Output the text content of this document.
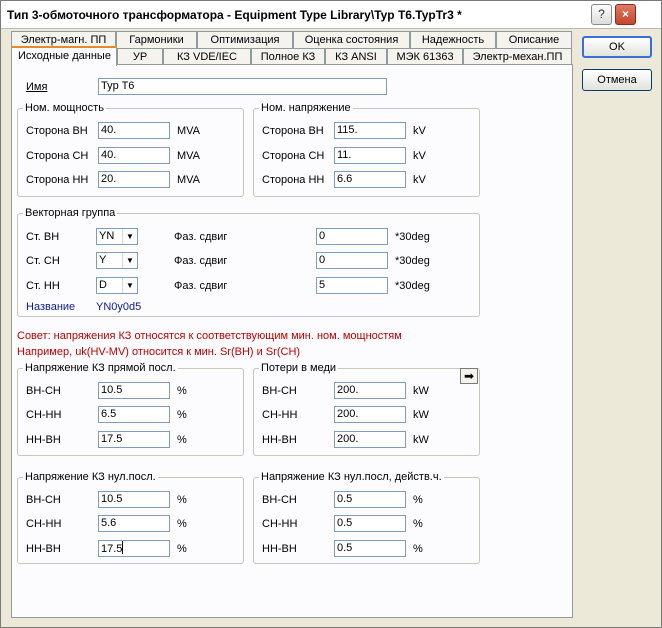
Тип 3-обмоточного трансформатора - Equipment Type Library\Typ T6.TypTr3 *	?	×
Электр-магн. ПП	Гармоники	Оптимизация	Оценка состояния	Надежность	Описание
Исходные данные	УР	КЗ VDE/IEC	Полное КЗ	КЗ ANSI	МЭК 61363	Электр-механ.ПП
OK
Отмена
Имя	Typ T6
Ном. мощность
Сторона ВН 40.	MVA
Сторона СН 40.	MVA
Сторона НН 20.	MVA
Ном. напряжение
Сторона ВН 115.	kV
Сторона СН 11.	kV
Сторона НН 6.6	kV
Векторная группа
Ст. ВН	YN	▼	Фаз. сдвиг	0	*30deg
Ст. СН	Y	▼	Фаз. сдвиг	0	*30deg
Ст. НН	D	▼	Фаз. сдвиг	5	*30deg
Название YN0y0d5
Совет: напряжения КЗ относятся к соответствующим мин. ном. мощностям
Например, uk(HV-MV) относится к мин. Sr(ВН) и Sr(СН)
Напряжение КЗ прямой посл.
ВН-СН	10.5	%
СН-НН	6.5	%
НН-ВН	17.5	%
Потери в меди
➡
ВН-СН	200.	kW
СН-НН	200.	kW
НН-ВН	200.	kW
Напряжение КЗ нул.посл.
ВН-СН	10.5	%
СН-НН	5.6	%
НН-ВН	17.5	%
Напряжение КЗ нул.посл, действ.ч.
ВН-СН	0.5	%
СН-НН	0.5	%
НН-ВН	0.5	%
